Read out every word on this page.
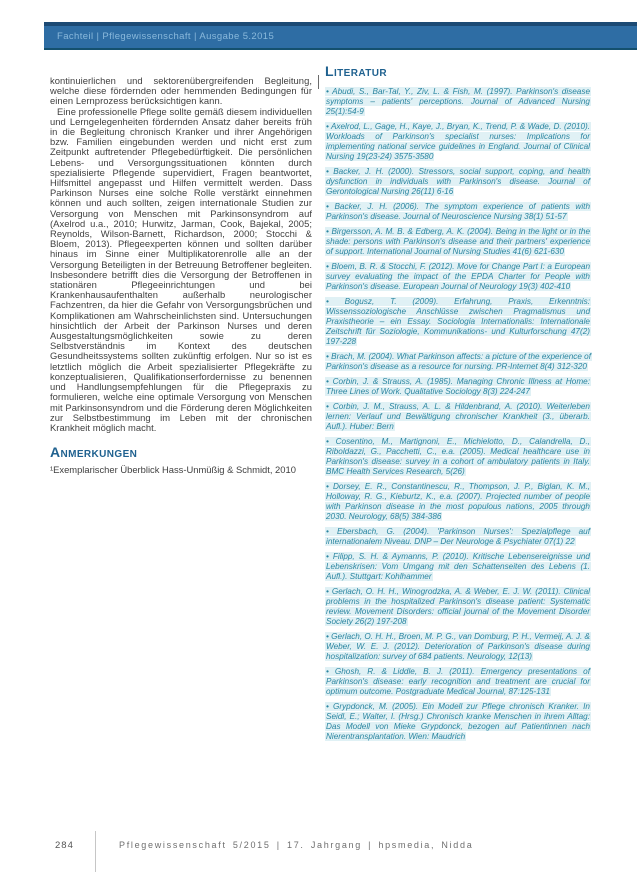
Fachteil | Pflegewissenschaft | Ausgabe 5.2015

kontinuierlichen und sektorenübergreifenden Begleitung, welche diese fördernden oder hemmenden Bedingungen für einen Lernprozess berücksichtigen kann.

Eine professionelle Pflege sollte gemäß diesem individuellen und Lerngelegenheiten fördernden Ansatz daher bereits früh in die Begleitung chronisch Kranker und ihrer Angehörigen bzw. Familien eingebunden werden und nicht erst zum Zeitpunkt auftretender Pflegebedürftigkeit. Die persönlichen Lebens- und Versorgungssituationen könnten durch spezialisierte Pflegende supervidiert, Fragen beantwortet, Hilfsmittel angepasst und Hilfen vermittelt werden. Dass Parkinson Nurses eine solche Rolle verstärkt einnehmen können und auch sollten, zeigen internationale Studien zur Versorgung von Menschen mit Parkinsonsyndrom auf (Axelrod u.a., 2010; Hurwitz, Jarman, Cook, Bajekal, 2005; Reynolds, Wilson-Barnett, Richardson, 2000; Stocchi & Bloem, 2013). Pflegeexperten können und sollten darüber hinaus im Sinne einer Multiplikatorenrolle alle an der Versorgung Beteiligten in der Betreuung Betroffener begleiten. Insbesondere betrifft dies die Versorgung der Betroffenen in stationären Pflegeeinrichtungen und bei Krankenhausaufenthalten außerhalb neurologischer Fachzentren, da hier die Gefahr von Versorgungsbrüchen und Komplikationen am Wahrscheinlichsten sind. Untersuchungen hinsichtlich der Arbeit der Parkinson Nurses und deren Ausgestaltungsmöglichkeiten sowie zu deren Selbstverständnis im Kontext des deutschen Gesundheitssystems sollten zukünftig erfolgen. Nur so ist es letztlich möglich die Arbeit spezialisierter Pflegekräfte zu konzeptualisieren, Qualifikationserfordernisse zu benennen und Handlungsempfehlungen für die Pflegepraxis zu formulieren, welche eine optimale Versorgung von Menschen mit Parkinsonsyndrom und die Förderung deren Möglichkeiten zur Selbstbestimmung im Leben mit der chronischen Krankheit möglich macht.

Anmerkungen

¹Exemplarischer Überblick Hass-Unmüßig & Schmidt, 2010

Literatur

• Abudi, S., Bar-Tal, Y., Ziv, L. & Fish, M. (1997). Parkinson's disease symptoms – patients' perceptions. Journal of Advanced Nursing 25(1):54-9

• Axelrod, L., Gage, H., Kaye, J., Bryan, K., Trend, P. & Wade, D. (2010). Workloads of Parkinson's specialist nurses: Implications for implementing national service guidelines in England. Journal of Clinical Nursing 19(23-24) 3575-3580

• Backer, J. H. (2000). Stressors, social support, coping, and health dysfunction in individuals with Parkinson's disease. Journal of Gerontological Nursing 26(11) 6-16

• Backer, J. H. (2006). The symptom experience of patients with Parkinson's disease. Journal of Neuroscience Nursing 38(1) 51-57

• Birgersson, A. M. B. & Edberg, A. K. (2004). Being in the light or in the shade: persons with Parkinson's disease and their partners' experience of support. International Journal of Nursing Studies 41(6) 621-630

• Bloem, B. R. & Stocchi, F. (2012). Move for Change Part I: a European survey evaluating the impact of the EPDA Charter for People with Parkinson's disease. European Journal of Neurology 19(3) 402-410

• Bogusz, T. (2009). Erfahrung, Praxis, Erkenntnis: Wissenssoziologische Anschlüsse zwischen Pragmatismus und Praxistheorie – ein Essay. Sociologia Internationalis: Internationale Zeitschrift für Soziologie, Kommunikations- und Kulturforschung 47(2) 197-228

• Brach, M. (2004). What Parkinson affects: a picture of the experience of Parkinson's disease as a resource for nursing. PR-Internet 8(4) 312-320

• Corbin, J. & Strauss, A. (1985). Managing Chronic Illness at Home: Three Lines of Work. Qualitative Sociology 8(3) 224-247

• Corbin, J. M., Strauss, A. L. & Hildenbrand, A. (2010). Weiterleben lernen: Verlauf und Bewältigung chronischer Krankheit (3., überarb. Aufl.). Huber: Bern

• Cosentino, M., Martignoni, E., Michielotto, D., Calandrella, D., Riboldazzi, G., Pacchetti, C., e.a. (2005). Medical healthcare use in Parkinson's disease: survey in a cohort of ambulatory patients in Italy. BMC Health Services Research, 5(26)

• Dorsey, E. R., Constantinescu, R., Thompson, J. P., Biglan, K. M., Holloway, R. G., Kieburtz, K., e.a. (2007). Projected number of people with Parkinson disease in the most populous nations, 2005 through 2030. Neurology, 68(5) 384-386

• Ebersbach, G. (2004). 'Parkinson Nurses': Spezialpflege auf internationalem Niveau. DNP – Der Neurologe & Psychiater 07(1) 22

• Filipp, S. H. & Aymanns, P. (2010). Kritische Lebensereignisse und Lebenskrisen: Vom Umgang mit den Schattenseiten des Lebens (1. Aufl.). Stuttgart: Kohlhammer

• Gerlach, O. H. H., Winogrodzka, A. & Weber, E. J. W. (2011). Clinical problems in the hospitalized Parkinson's disease patient: Systematic review. Movement Disorders: official journal of the Movement Disorder Society 26(2) 197-208

• Gerlach, O. H. H., Broen, M. P. G., van Domburg, P. H., Vermeij, A. J. & Weber, W. E. J. (2012). Deterioration of Parkinson's disease during hospitalization: survey of 684 patients. Neurology, 12(13)

• Ghosh, R. & Liddle, B. J. (2011). Emergency presentations of Parkinson's disease: early recognition and treatment are crucial for optimum outcome. Postgraduate Medical Journal, 87:125-131

• Grypdonck, M. (2005). Ein Modell zur Pflege chronisch Kranker. In Seidl, E.; Walter, I. (Hrsg.) Chronisch kranke Menschen in ihrem Alltag: Das Modell von Mieke Grypdonck, bezogen auf Patientinnen nach Nierentransplantation. Wien: Maudrich

284	Pflegewissenschaft 5/2015 | 17. Jahrgang | hpsmedia, Nidda
